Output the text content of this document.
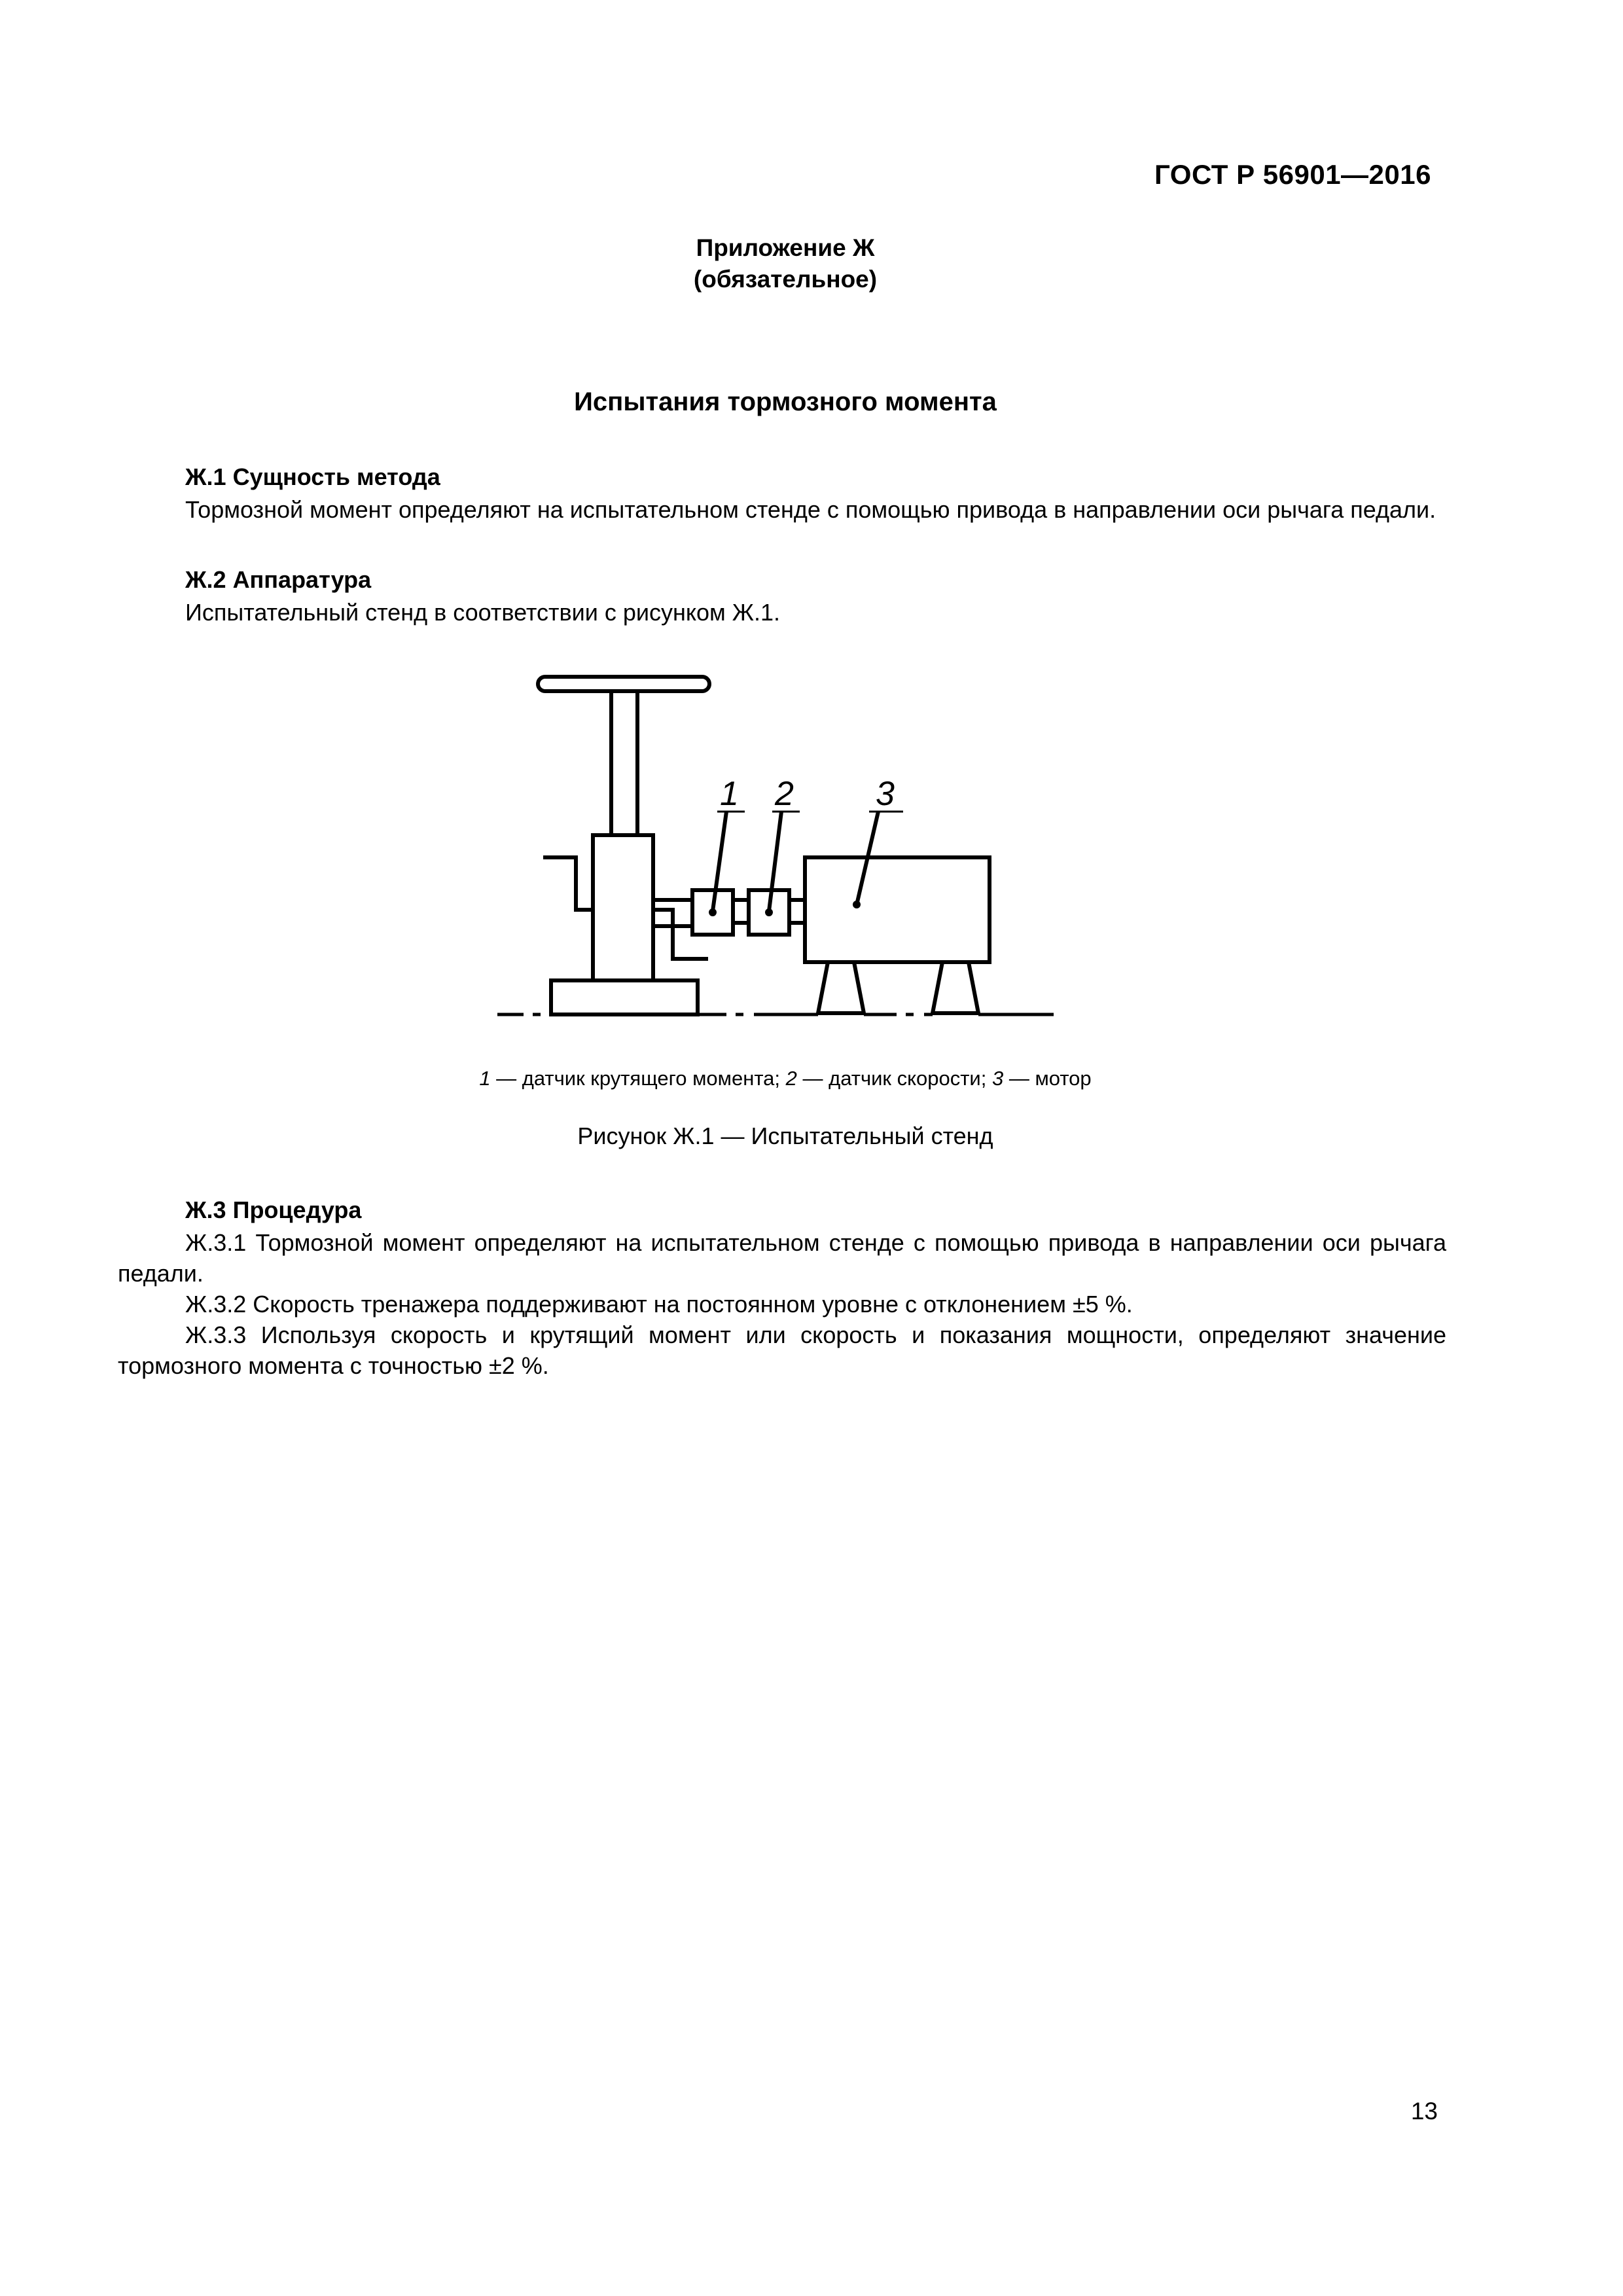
ГОСТ Р 56901—2016

Приложение Ж
(обязательное)

Испытания тормозного момента

Ж.1 Сущность метода

Тормозной момент определяют на испытательном стенде с помощью привода в направлении оси рычага педали.

Ж.2 Аппаратура

Испытательный стенд в соответствии с рисунком Ж.1.

1 2 3

1 — датчик крутящего момента; 2 — датчик скорости; 3 — мотор

Рисунок Ж.1 — Испытательный стенд

Ж.3 Процедура

Ж.3.1 Тормозной момент определяют на испытательном стенде с помощью привода в направлении оси рычага педали.

Ж.3.2 Скорость тренажера поддерживают на постоянном уровне с отклонением ±5 %.

Ж.3.3 Используя скорость и крутящий момент или скорость и показания мощности, определяют значение тормозного момента с точностью ±2 %.

13
